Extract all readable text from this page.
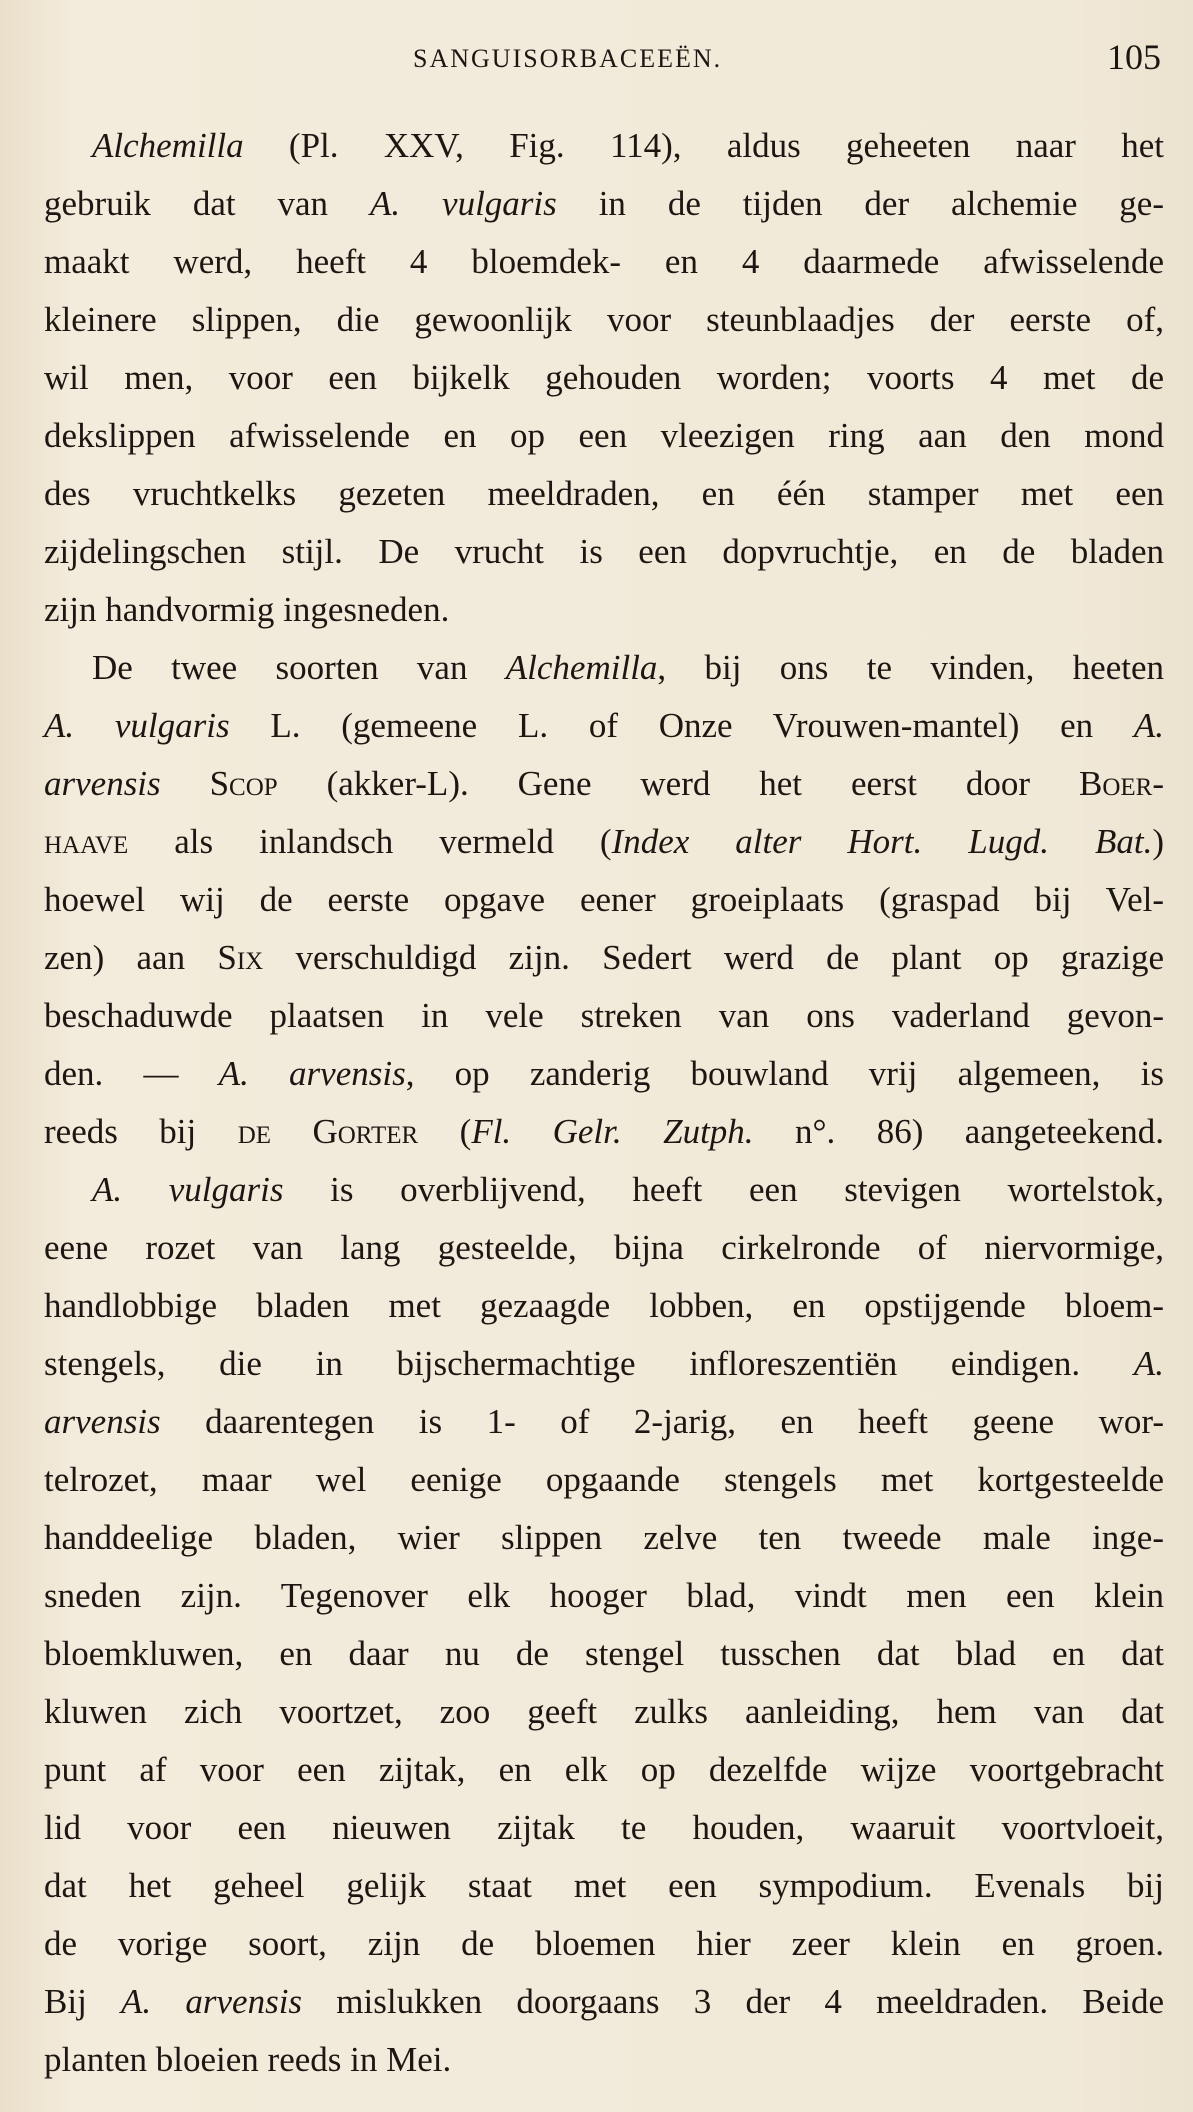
SANGUISORBACEEËN.	105
Alchemilla (Pl. XXV, Fig. 114), aldus geheeten naar het
gebruik dat van A. vulgaris in de tijden der alchemie ge-
maakt werd, heeft 4 bloemdek- en 4 daarmede afwisselende
kleinere slippen, die gewoonlijk voor steunblaadjes der eerste of,
wil men, voor een bijkelk gehouden worden; voorts 4 met de
dekslippen afwisselende en op een vleezigen ring aan den mond
des vruchtkelks gezeten meeldraden, en één stamper met een
zijdelingschen stijl. De vrucht is een dopvruchtje, en de bladen
zijn handvormig ingesneden.
De twee soorten van Alchemilla, bij ons te vinden, heeten
A. vulgaris L. (gemeene L. of Onze Vrouwen-mantel) en A.
arvensis Scop (akker-L). Gene werd het eerst door Boer-
haave als inlandsch vermeld (Index alter Hort. Lugd. Bat.)
hoewel wij de eerste opgave eener groeiplaats (graspad bij Vel-
zen) aan Six verschuldigd zijn. Sedert werd de plant op grazige
beschaduwde plaatsen in vele streken van ons vaderland gevon-
den. — A. arvensis, op zanderig bouwland vrij algemeen, is
reeds bij de Gorter (Fl. Gelr. Zutph. n°. 86) aangeteekend.
A. vulgaris is overblijvend, heeft een stevigen wortelstok,
eene rozet van lang gesteelde, bijna cirkelronde of niervormige,
handlobbige bladen met gezaagde lobben, en opstijgende bloem-
stengels, die in bijschermachtige infloreszentiën eindigen. A.
arvensis daarentegen is 1- of 2-jarig, en heeft geene wor-
telrozet, maar wel eenige opgaande stengels met kortgesteelde
handdeelige bladen, wier slippen zelve ten tweede male inge-
sneden zijn. Tegenover elk hooger blad, vindt men een klein
bloemkluwen, en daar nu de stengel tusschen dat blad en dat
kluwen zich voortzet, zoo geeft zulks aanleiding, hem van dat
punt af voor een zijtak, en elk op dezelfde wijze voortgebracht
lid voor een nieuwen zijtak te houden, waaruit voortvloeit,
dat het geheel gelijk staat met een sympodium. Evenals bij
de vorige soort, zijn de bloemen hier zeer klein en groen.
Bij A. arvensis mislukken doorgaans 3 der 4 meeldraden. Beide
planten bloeien reeds in Mei.
